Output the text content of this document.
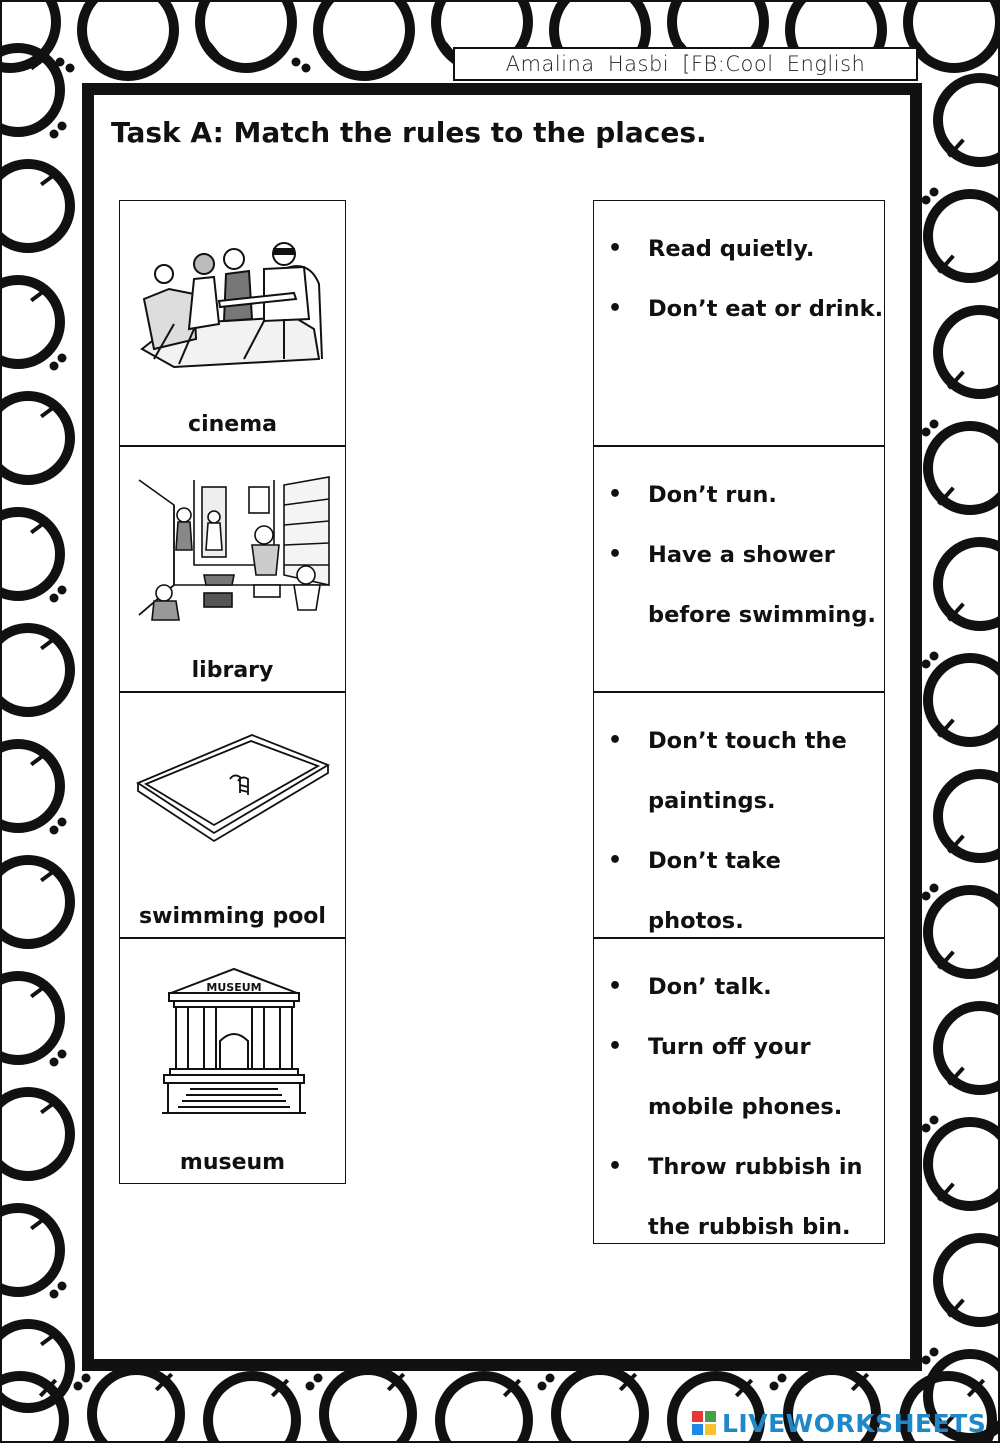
Amalina Hasbi [FB:Cool English
Task A: Match the rules to the places.
cinema
library
swimming pool
MUSEUM
museum
• Read quietly.
• Don’t eat or drink.
• Don’t run.
• Have a shower
before swimming.
• Don’t touch the
paintings.
• Don’t take photos.
• Don’ talk.
• Turn off your
mobile phones.
• Throw rubbish in
the rubbish bin.
LIVEWORKSHEETS
